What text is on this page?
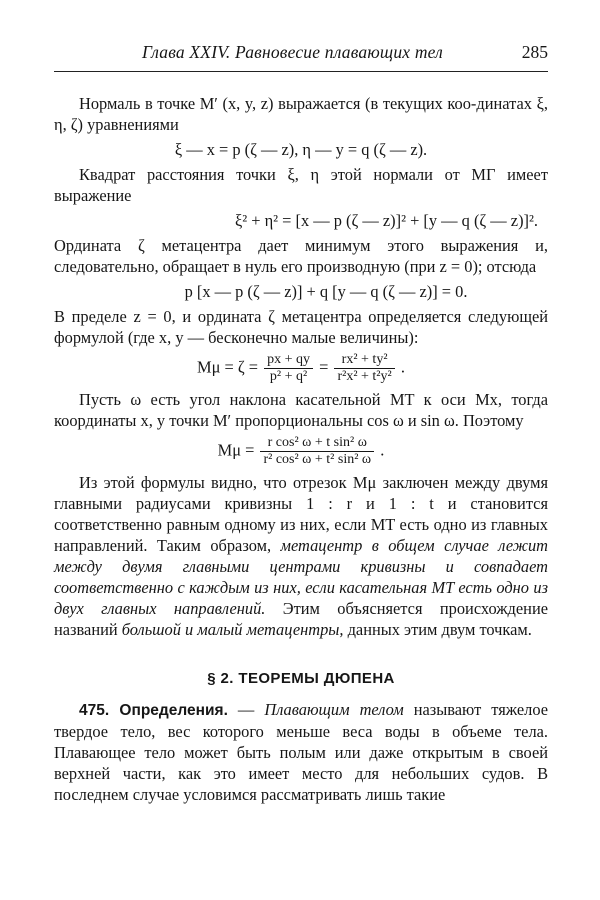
Глава XXIV. Равновесие плавающих тел	285

Нормаль в точке M′ (x, y, z) выражается (в текущих коо-динатах ξ, η, ζ) уравнениями

ξ — x = p (ζ — z), η — y = q (ζ — z).

Квадрат расстояния точки ξ, η этой нормали от MΓ имеет выражение

ξ² + η² = [x — p (ζ — z)]² + [y — q (ζ — z)]².

Ордината ζ метацентра дает минимум этого выражения и, следовательно, обращает в нуль его производную (при z = 0); отсюда

p [x — p (ζ — z)] + q [y — q (ζ — z)] = 0.

В пределе z = 0, и ордината ζ метацентра определяется следующей формулой (где x, y — бесконечно малые величины):

$M\mu = \zeta = \frac{px + qy}{\text{p² + q²}} = \frac{\text{rx² + ty²}}{\text{r²x² + t²y²}}$ .

Пусть ω есть угол наклона касательной MT к оси Mx, тогда координаты x, y точки M′ пропорциональны cos ω и sin ω. Поэтому

$M\mu = \frac{\text{r cos² ω + t sin² ω}}{\text{r² cos² ω + t² sin² ω}}$ .

Из этой формулы видно, что отрезок Mμ заключен между двумя главными радиусами кривизны 1 : r и 1 : t и становится соответственно равным одному из них, если MT есть одно из главных направлений. Таким образом, метацентр в общем случае лежит между двумя главными центрами кривизны и совпадает соответственно с каждым из них, если касательная MT есть одно из двух главных направлений. Этим объясняется происхождение названий большой и малый метацентры, данных этим двум точкам.

§ 2. ТЕОРЕМЫ ДЮПЕНА

475. Определения. — Плавающим телом называют тяжелое твердое тело, вес которого меньше веса воды в объеме тела. Плавающее тело может быть полым или даже открытым в своей верхней части, как это имеет место для небольших судов. В последнем случае условимся рассматривать лишь такие
